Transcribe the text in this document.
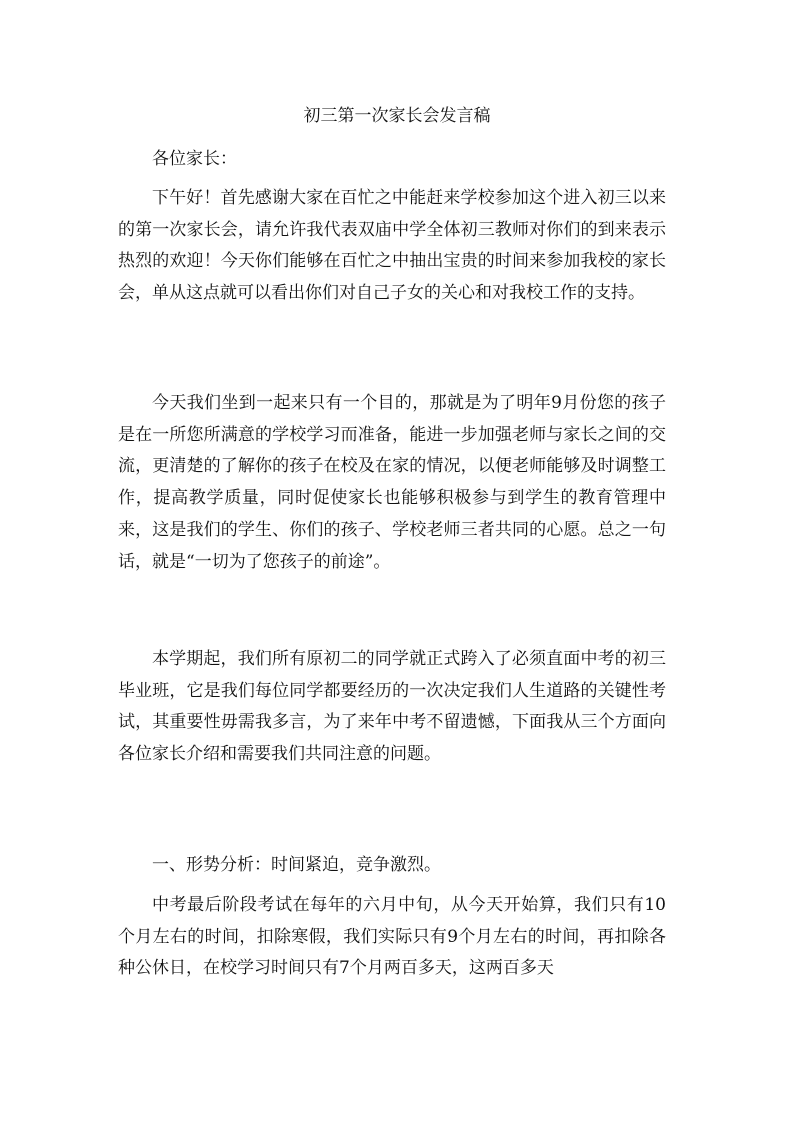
初三第一次家长会发言稿
各位家长：

下午好！首先感谢大家在百忙之中能赶来学校参加这个进入初三以来的第一次家长会，请允许我代表双庙中学全体初三教师对你们的到来表示热烈的欢迎！今天你们能够在百忙之中抽出宝贵的时间来参加我校的家长会，单从这点就可以看出你们对自己子女的关心和对我校工作的支持。

今天我们坐到一起来只有一个目的，那就是为了明年9月份您的孩子是在一所您所满意的学校学习而准备，能进一步加强老师与家长之间的交流，更清楚的了解你的孩子在校及在家的情况，以便老师能够及时调整工作，提高教学质量，同时促使家长也能够积极参与到学生的教育管理中来，这是我们的学生、你们的孩子、学校老师三者共同的心愿。总之一句话，就是“一切为了您孩子的前途”。

本学期起，我们所有原初二的同学就正式跨入了必须直面中考的初三毕业班，它是我们每位同学都要经历的一次决定我们人生道路的关键性考试，其重要性毋需我多言，为了来年中考不留遗憾，下面我从三个方面向各位家长介绍和需要我们共同注意的问题。

一、形势分析：时间紧迫，竞争激烈。

中考最后阶段考试在每年的六月中旬，从今天开始算，我们只有10个月左右的时间，扣除寒假，我们实际只有9个月左右的时间，再扣除各种公休日，在校学习时间只有7个月两百多天，这两百多天
